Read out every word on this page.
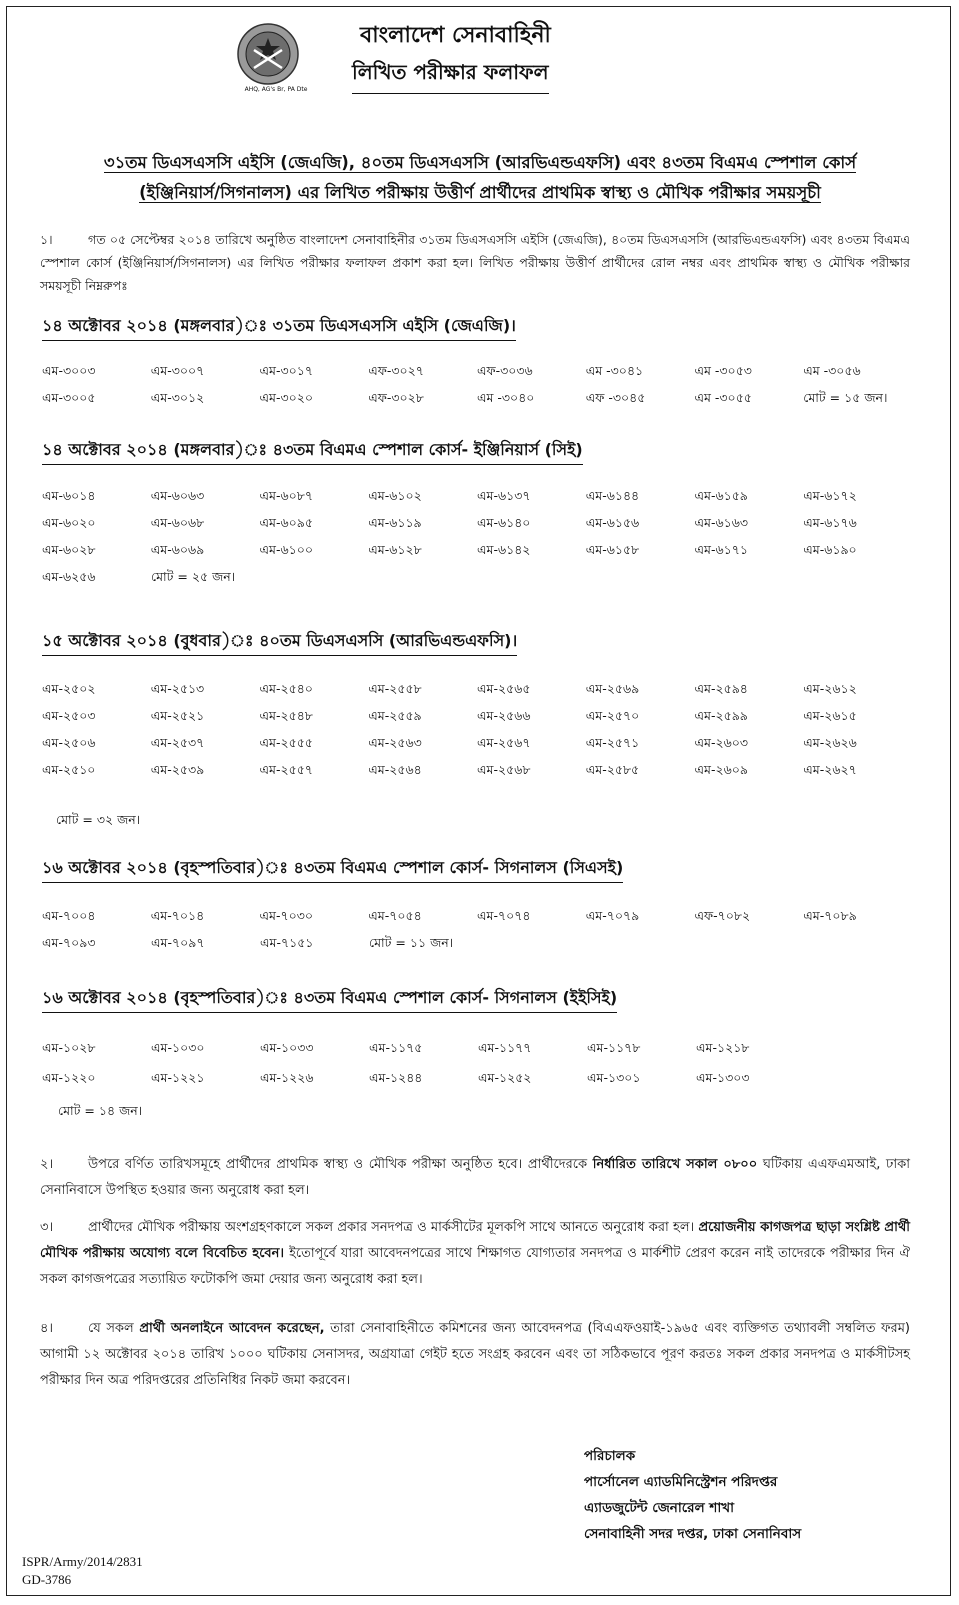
AHQ, AG's Br, PA Dte
বাংলাদেশ সেনাবাহিনী
লিখিত পরীক্ষার ফলাফল
৩১তম ডিএসএসসি এইসি (জেএজি), ৪০তম ডিএসএসসি (আরভিএন্ডএফসি) এবং ৪৩তম বিএমএ স্পেশাল কোর্স
(ইঞ্জিনিয়ার্স/সিগনালস) এর লিখিত পরীক্ষায় উত্তীর্ণ প্রার্থীদের প্রাথমিক স্বাস্থ্য ও মৌখিক পরীক্ষার সময়সূচী
১।	গত ০৫ সেপ্টেম্বর ২০১৪ তারিখে অনুষ্ঠিত বাংলাদেশ সেনাবাহিনীর ৩১তম ডিএসএসসি এইসি (জেএজি), ৪০তম ডিএসএসসি (আরভিএন্ডএফসি) এবং ৪৩তম বিএমএ স্পেশাল কোর্স (ইঞ্জিনিয়ার্স/সিগনালস) এর লিখিত পরীক্ষার ফলাফল প্রকাশ করা হল। লিখিত পরীক্ষায় উত্তীর্ণ প্রার্থীদের রোল নম্বর এবং প্রাথমিক স্বাস্থ্য ও মৌখিক পরীক্ষার সময়সূচী নিম্নরুপঃ
১৪ অক্টোবর ২০১৪ (মঙ্গলবার)ঃ ৩১তম ডিএসএসসি এইসি (জেএজি)।
এম-৩০০৩	এম-৩০০৭	এম-৩০১৭	এফ-৩০২৭	এফ-৩০৩৬	এম -৩০৪১	এম -৩০৫৩	এম -৩০৫৬
এম-৩০০৫	এম-৩০১২	এম-৩০২০	এফ-৩০২৮	এম -৩০৪০	এফ -৩০৪৫	এম -৩০৫৫	মোট = ১৫ জন।
১৪ অক্টোবর ২০১৪ (মঙ্গলবার)ঃ ৪৩তম বিএমএ স্পেশাল কোর্স- ইঞ্জিনিয়ার্স (সিই)
এম-৬০১৪	এম-৬০৬৩	এম-৬০৮৭	এম-৬১০২	এম-৬১৩৭	এম-৬১৪৪	এম-৬১৫৯	এম-৬১৭২
এম-৬০২০	এম-৬০৬৮	এম-৬০৯৫	এম-৬১১৯	এম-৬১৪০	এম-৬১৫৬	এম-৬১৬৩	এম-৬১৭৬
এম-৬০২৮	এম-৬০৬৯	এম-৬১০০	এম-৬১২৮	এম-৬১৪২	এম-৬১৫৮	এম-৬১৭১	এম-৬১৯০
এম-৬২৫৬	মোট = ২৫ জন।
১৫ অক্টোবর ২০১৪ (বুধবার)ঃ ৪০তম ডিএসএসসি (আরভিএন্ডএফসি)।
এম-২৫০২	এম-২৫১৩	এম-২৫৪০	এম-২৫৫৮	এম-২৫৬৫	এম-২৫৬৯	এম-২৫৯৪	এম-২৬১২
এম-২৫০৩	এম-২৫২১	এম-২৫৪৮	এম-২৫৫৯	এম-২৫৬৬	এম-২৫৭০	এম-২৫৯৯	এম-২৬১৫
এম-২৫০৬	এম-২৫৩৭	এম-২৫৫৫	এম-২৫৬৩	এম-২৫৬৭	এম-২৫৭১	এম-২৬০৩	এম-২৬২৬
এম-২৫১০	এম-২৫৩৯	এম-২৫৫৭	এম-২৫৬৪	এম-২৫৬৮	এম-২৫৮৫	এম-২৬০৯	এম-২৬২৭
মোট = ৩২ জন।
১৬ অক্টোবর ২০১৪ (বৃহস্পতিবার)ঃ ৪৩তম বিএমএ স্পেশাল কোর্স- সিগনালস (সিএসই)
এম-৭০০৪	এম-৭০১৪	এম-৭০৩০	এম-৭০৫৪	এম-৭০৭৪	এম-৭০৭৯	এফ-৭০৮২	এম-৭০৮৯
এম-৭০৯৩	এম-৭০৯৭	এম-৭১৫১	মোট = ১১ জন।
১৬ অক্টোবর ২০১৪ (বৃহস্পতিবার)ঃ ৪৩তম বিএমএ স্পেশাল কোর্স- সিগনালস (ইইসিই)
এম-১০২৮	এম-১০৩০	এম-১০৩৩	এম-১১৭৫	এম-১১৭৭	এম-১১৭৮	এম-১২১৮
এম-১২২০	এম-১২২১	এম-১২২৬	এম-১২৪৪	এম-১২৫২	এম-১৩০১	এম-১৩০৩
মোট = ১৪ জন।
২।	উপরে বর্ণিত তারিখসমূহে প্রার্থীদের প্রাথমিক স্বাস্থ্য ও মৌখিক পরীক্ষা অনুষ্ঠিত হবে। প্রার্থীদেরকে নির্ধারিত তারিখে সকাল ০৮০০ ঘটিকায় এএফএমআই, ঢাকা সেনানিবাসে উপস্থিত হওয়ার জন্য অনুরোধ করা হল।
৩।	প্রার্থীদের মৌখিক পরীক্ষায় অংশগ্রহণকালে সকল প্রকার সনদপত্র ও মার্কসীটের মূলকপি সাথে আনতে অনুরোধ করা হল। প্রয়োজনীয় কাগজপত্র ছাড়া সংশ্লিষ্ট প্রার্থী মৌখিক পরীক্ষায় অযোগ্য বলে বিবেচিত হবেন। ইতোপূর্বে যারা আবেদনপত্রের সাথে শিক্ষাগত যোগ্যতার সনদপত্র ও মার্কশীট প্রেরণ করেন নাই তাদেরকে পরীক্ষার দিন ঐ সকল কাগজপত্রের সত্যায়িত ফটোকপি জমা দেয়ার জন্য অনুরোধ করা হল।
৪।	যে সকল প্রার্থী অনলাইনে আবেদন করেছেন, তারা সেনাবাহিনীতে কমিশনের জন্য আবেদনপত্র (বিএএফওয়াই-১৯৬৫ এবং ব্যক্তিগত তথ্যাবলী সম্বলিত ফরম) আগামী ১২ অক্টোবর ২০১৪ তারিখ ১০০০ ঘটিকায় সেনাসদর, অগ্রযাত্রা গেইট হতে সংগ্রহ করবেন এবং তা সঠিকভাবে পূরণ করতঃ সকল প্রকার সনদপত্র ও মার্কসীটসহ পরীক্ষার দিন অত্র পরিদপ্তরের প্রতিনিধির নিকট জমা করবেন।
পরিচালক
পার্সোনেল এ্যাডমিনিস্ট্রেশন পরিদপ্তর
এ্যাডজুটেন্ট জেনারেল শাখা
সেনাবাহিনী সদর দপ্তর, ঢাকা সেনানিবাস
ISPR/Army/2014/2831
GD-3786
